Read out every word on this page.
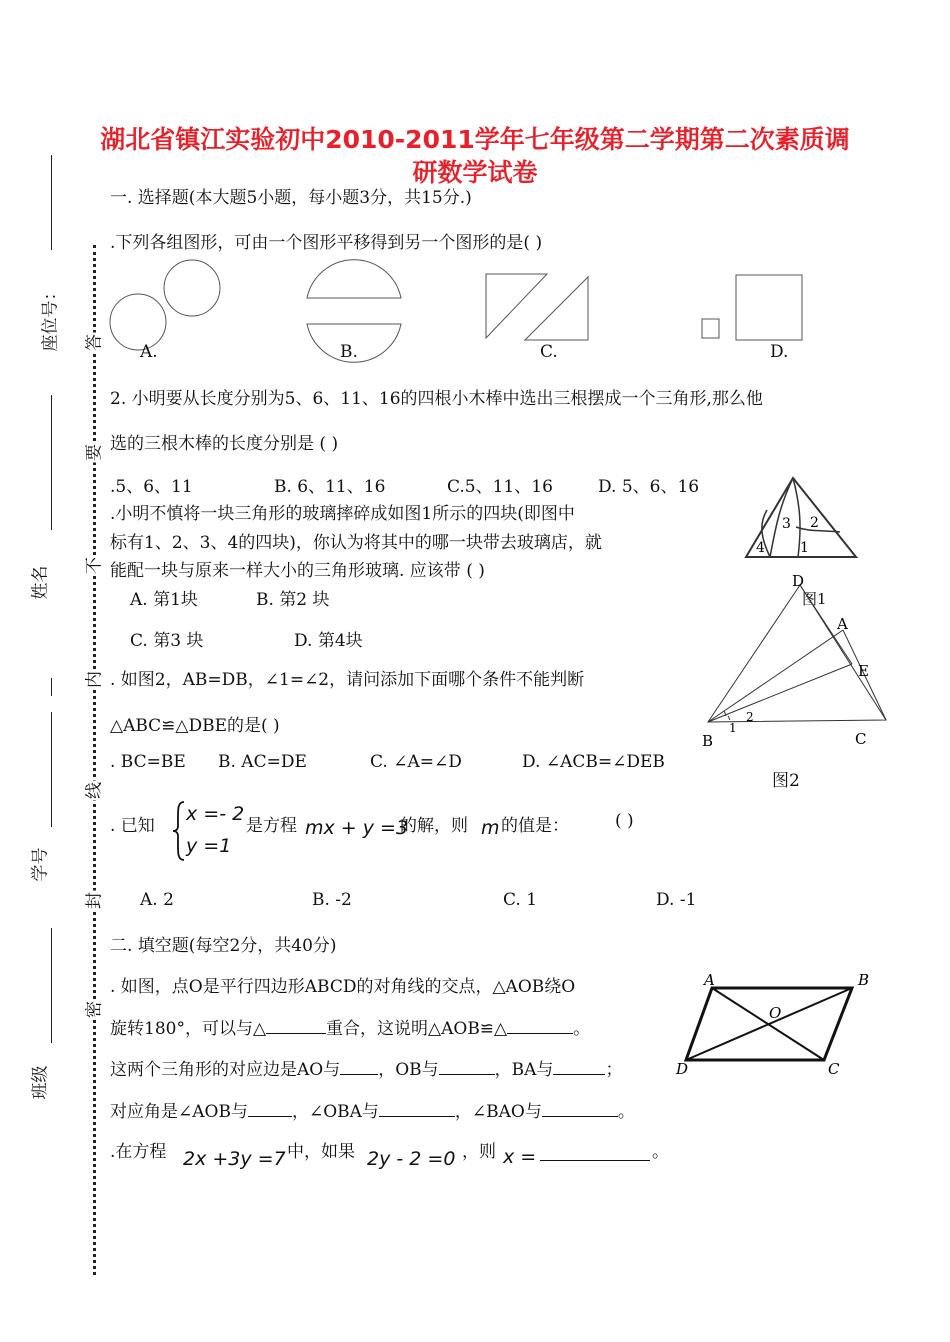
湖北省镇江实验初中2010-2011学年七年级第二学期第二次素质调
研数学试卷
座位号：
姓名
学号
班级
答
要
不
内
线
封
密
一. 选择题(本大题5小题，每小题3分，共15分.)
.下列各组图形，可由一个图形平移得到另一个图形的是( )
A.	B.	C.	D.
2. 小明要从长度分别为5、6、11、16的四根小木棒中选出三根摆成一个三角形,那么他
选的三根木棒的长度分别是 ( )
.5、6、11	B. 6、11、16	C.5、11、16	D. 5、6、16
.小明不慎将一块三角形的玻璃摔碎成如图1所示的四块(即图中
标有1、2、3、4的四块)，你认为将其中的哪一块带去玻璃店，就
能配一块与原来一样大小的三角形玻璃. 应该带 ( )
A. 第1块	B. 第2 块
C. 第3 块	D. 第4块
1
2
3
4
图1
D
A
E
B	C
1
2
图2
. 如图2，AB=DB，∠1=∠2，请问添加下面哪个条件不能判断
△ABC≌△DBE的是( )
. BC=BE B. AC=DE	C. ∠A=∠D	D. ∠ACB=∠DEB
. 已知
x =- 2
y =1
是方程 mx + y =3
的解，则 m 的值是：	( )
A. 2	B. -2	C. 1	D. -1
二. 填空题(每空2分，共40分)
. 如图，点O是平行四边形ABCD的对角线的交点，△AOB绕O
旋转180°，可以与△	重合，这说明△AOB≌△	。
这两个三角形的对应边是AO与 ，OB与	，BA与	；
对应角是∠AOB与	，∠OBA与	，∠BAO与	。
A	B
O
D	C
.在方程 2x +3y =7 中，如果 2y - 2 =0 ，则 x =	。
